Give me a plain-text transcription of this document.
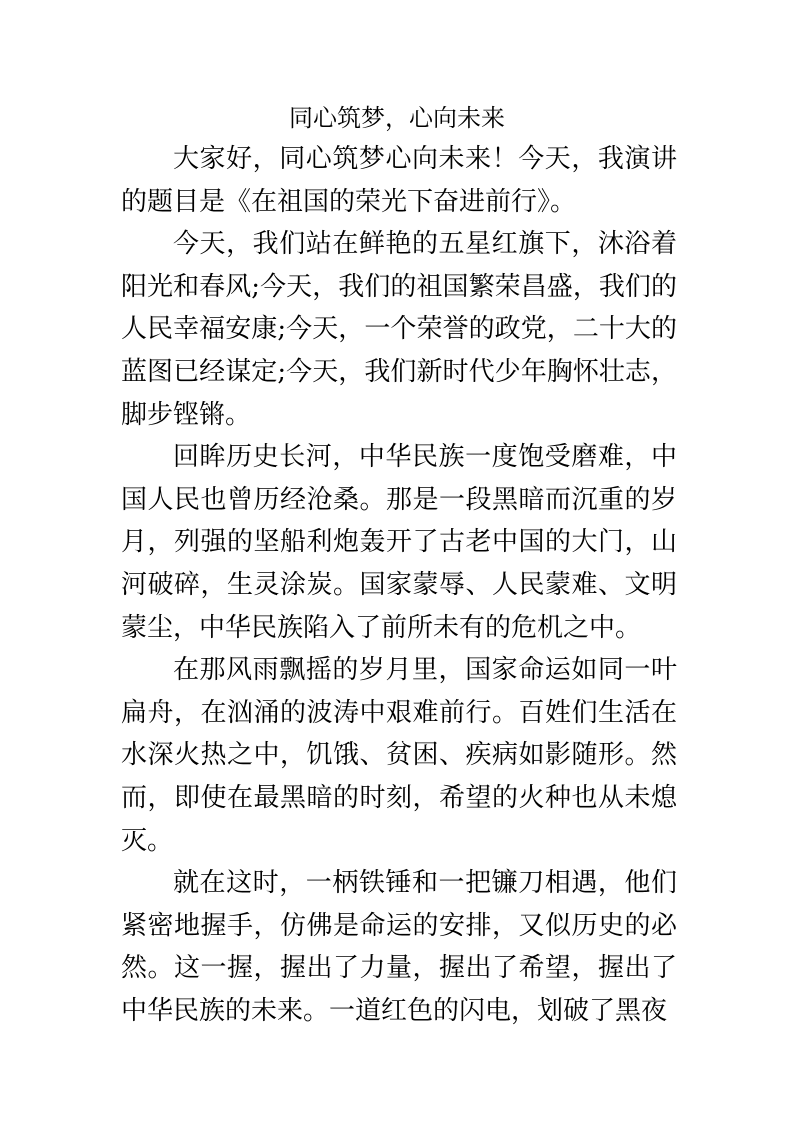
同心筑梦，心向未来

大家好，同心筑梦心向未来！今天，我演讲的题目是《在祖国的荣光下奋进前行》。

今天，我们站在鲜艳的五星红旗下，沐浴着阳光和春风;今天，我们的祖国繁荣昌盛，我们的人民幸福安康;今天，一个荣誉的政党，二十大的蓝图已经谋定;今天，我们新时代少年胸怀壮志，脚步铿锵。

回眸历史长河，中华民族一度饱受磨难，中国人民也曾历经沧桑。那是一段黑暗而沉重的岁月，列强的坚船利炮轰开了古老中国的大门，山河破碎，生灵涂炭。国家蒙辱、人民蒙难、文明蒙尘，中华民族陷入了前所未有的危机之中。

在那风雨飘摇的岁月里，国家命运如同一叶扁舟，在汹涌的波涛中艰难前行。百姓们生活在水深火热之中，饥饿、贫困、疾病如影随形。然而，即使在最黑暗的时刻，希望的火种也从未熄灭。

就在这时，一柄铁锤和一把镰刀相遇，他们紧密地握手，仿佛是命运的安排，又似历史的必然。这一握，握出了力量，握出了希望，握出了中华民族的未来。一道红色的闪电，划破了黑夜
